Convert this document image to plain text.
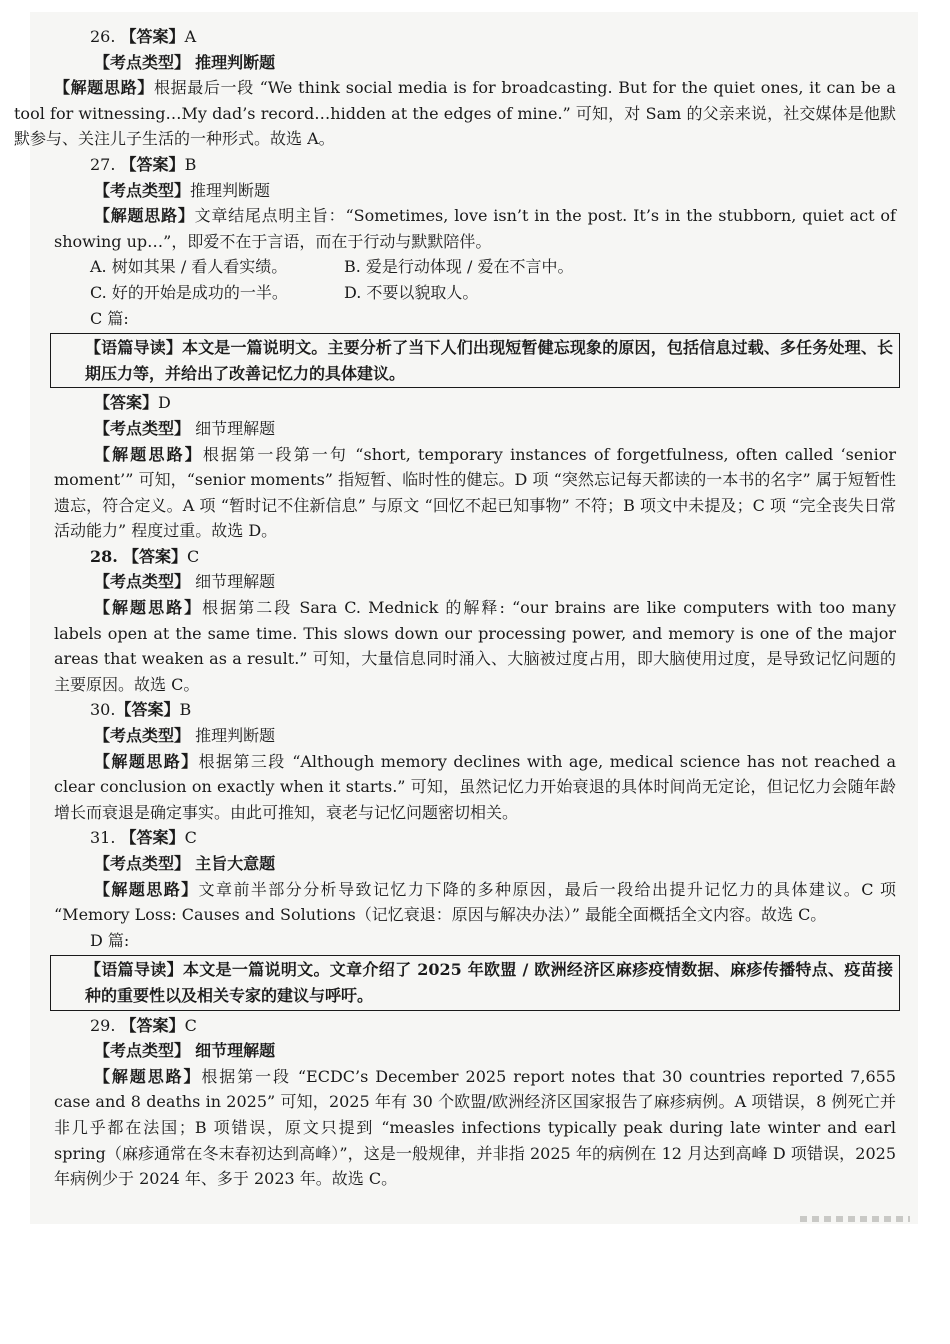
26. 【答案】A
【考点类型】 推理判断题
【解题思路】根据最后一段 “We think social media is for broadcasting. But for the quiet ones, it can be a tool for witnessing…My dad’s record…hidden at the edges of mine.” 可知，对 Sam 的父亲来说，社交媒体是他默默参与、关注儿子生活的一种形式。故选 A。
27. 【答案】B
【考点类型】推理判断题
【解题思路】文章结尾点明主旨：“Sometimes, love isn’t in the post. It’s in the stubborn, quiet act of showing up…”，即爱不在于言语，而在于行动与默默陪伴。
A. 树如其果 / 看人看实绩。	B. 爱是行动体现 / 爱在不言中。
C. 好的开始是成功的一半。	D. 不要以貌取人。
C 篇:
【语篇导读】本文是一篇说明文。主要分析了当下人们出现短暂健忘现象的原因，包括信息过载、多任务处理、长期压力等，并给出了改善记忆力的具体建议。
【答案】D
【考点类型】 细节理解题
【解题思路】根据第一段第一句 “short, temporary instances of forgetfulness, often called ‘senior moment’” 可知，“senior moments” 指短暂、临时性的健忘。D 项 “突然忘记每天都读的一本书的名字” 属于短暂性遗忘，符合定义。A 项 “暂时记不住新信息” 与原文 “回忆不起已知事物” 不符；B 项文中未提及；C 项 “完全丧失日常活动能力” 程度过重。故选 D。
28. 【答案】C
【考点类型】 细节理解题
【解题思路】根据第二段 Sara C. Mednick 的解释: “our brains are like computers with too many labels open at the same time. This slows down our processing power, and memory is one of the major areas that weaken as a result.” 可知，大量信息同时涌入、大脑被过度占用，即大脑使用过度，是导致记忆问题的主要原因。故选 C。
30.【答案】B
【考点类型】 推理判断题
【解题思路】根据第三段 “Although memory declines with age, medical science has not reached a clear conclusion on exactly when it starts.” 可知，虽然记忆力开始衰退的具体时间尚无定论，但记忆力会随年龄增长而衰退是确定事实。由此可推知，衰老与记忆问题密切相关。
31. 【答案】C
【考点类型】 主旨大意题
【解题思路】文章前半部分分析导致记忆力下降的多种原因，最后一段给出提升记忆力的具体建议。C 项 “Memory Loss: Causes and Solutions（记忆衰退：原因与解决办法）” 最能全面概括全文内容。故选 C。
D 篇:
【语篇导读】本文是一篇说明文。文章介绍了 2025 年欧盟 / 欧洲经济区麻疹疫情数据、麻疹传播特点、疫苗接种的重要性以及相关专家的建议与呼吁。
29. 【答案】C
【考点类型】 细节理解题
【解题思路】根据第一段 “ECDC’s December 2025 report notes that 30 countries reported 7,655 case and 8 deaths in 2025” 可知，2025 年有 30 个欧盟/欧洲经济区国家报告了麻疹病例。A 项错误，8 例死亡并非几乎都在法国；B 项错误，原文只提到 “measles infections typically peak during late winter and earl spring（麻疹通常在冬末春初达到高峰）”，这是一般规律，并非指 2025 年的病例在 12 月达到高峰 D 项错误，2025 年病例少于 2024 年、多于 2023 年。故选 C。
